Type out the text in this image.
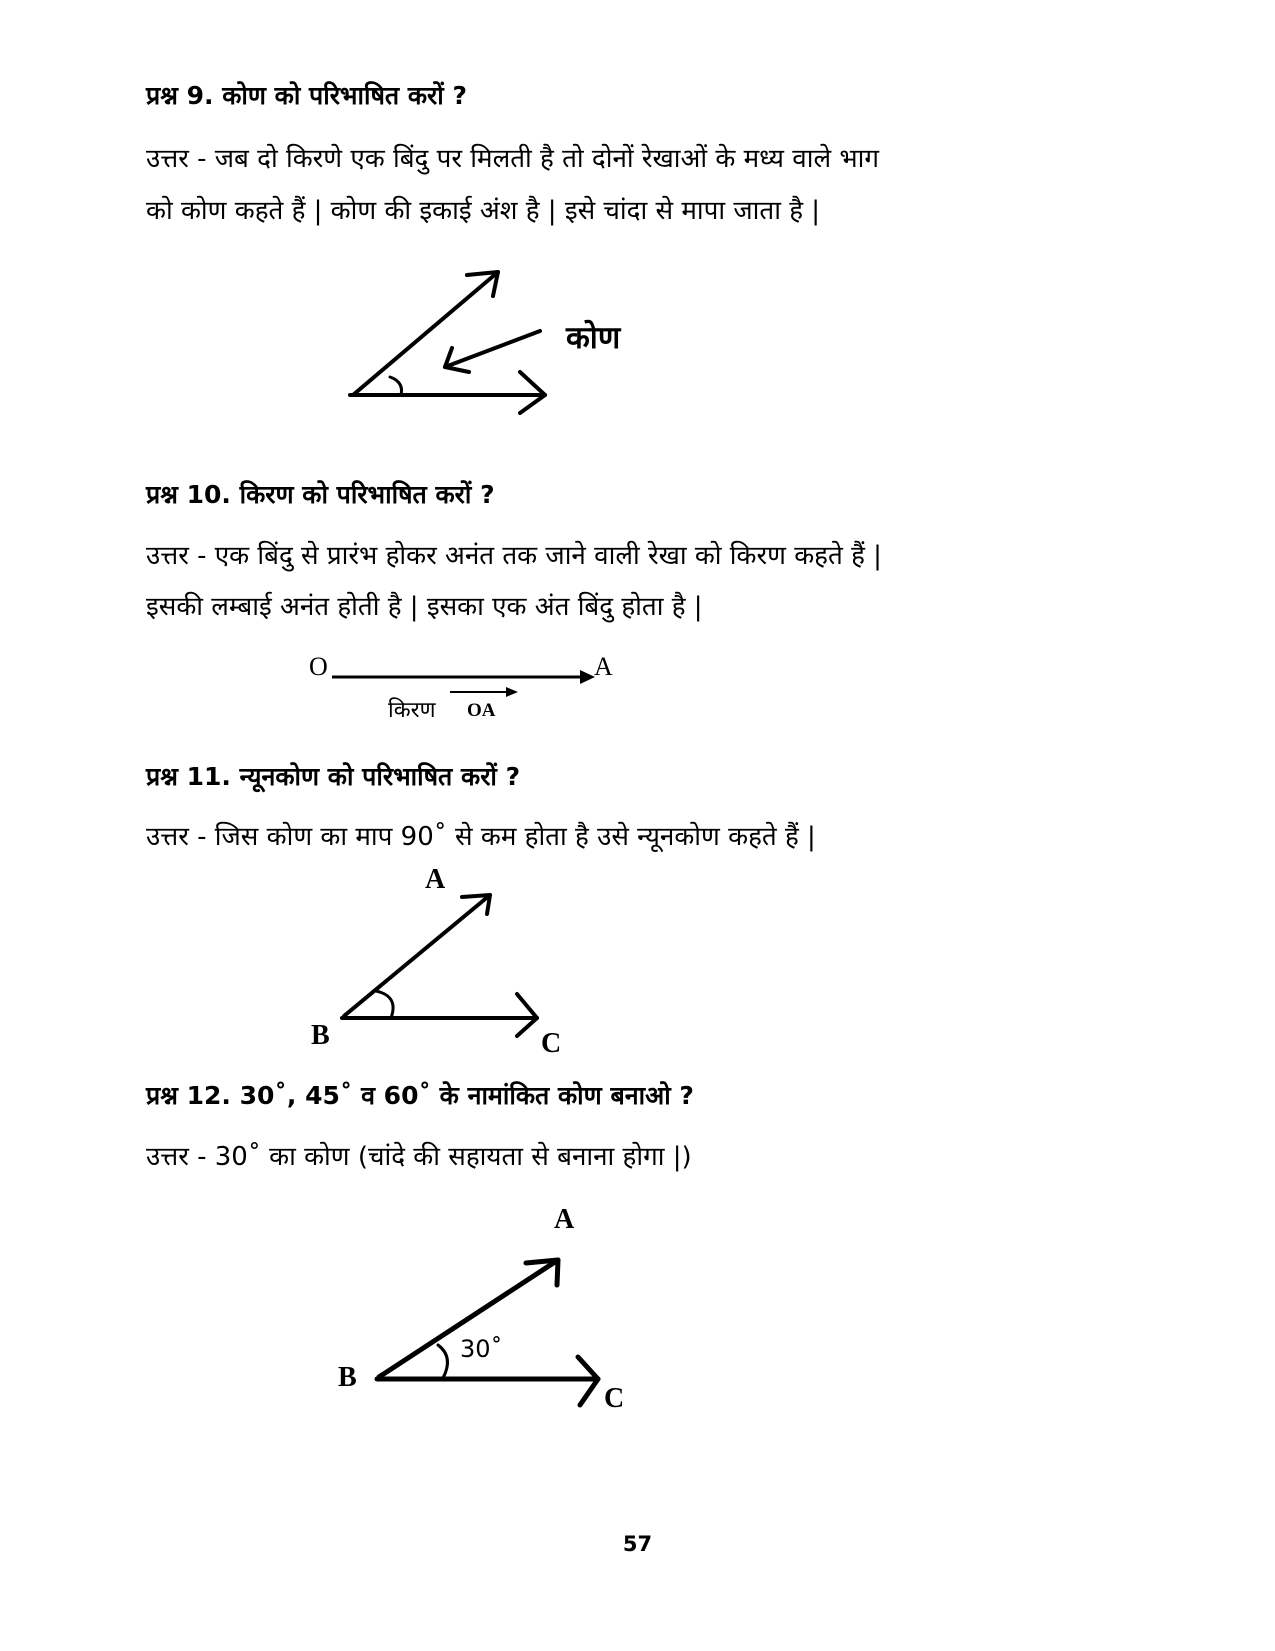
प्रश्न 9. कोण को परिभाषित करों ?
उत्तर - जब दो किरणे एक बिंदु पर मिलती है तो दोनों रेखाओं के मध्य वाले भाग
को कोण कहते हैं | कोण की इकाई अंश है | इसे चांदा से मापा जाता है |
कोण
प्रश्न 10. किरण को परिभाषित करों ?
उत्तर - एक बिंदु से प्रारंभ होकर अनंत तक जाने वाली रेखा को किरण कहते हैं |
इसकी लम्बाई अनंत होती है | इसका एक अंत बिंदु होता है |
O	A
किरण OA
प्रश्न 11. न्यूनकोण को परिभाषित करों ?
उत्तर - जिस कोण का माप 90˚ से कम होता है उसे न्यूनकोण कहते हैं |
A
B	C
प्रश्न 12. 30˚, 45˚ व 60˚ के नामांकित कोण बनाओ ?
उत्तर - 30˚ का कोण (चांदे की सहायता से बनाना होगा |)
A
B
C
30˚
57
